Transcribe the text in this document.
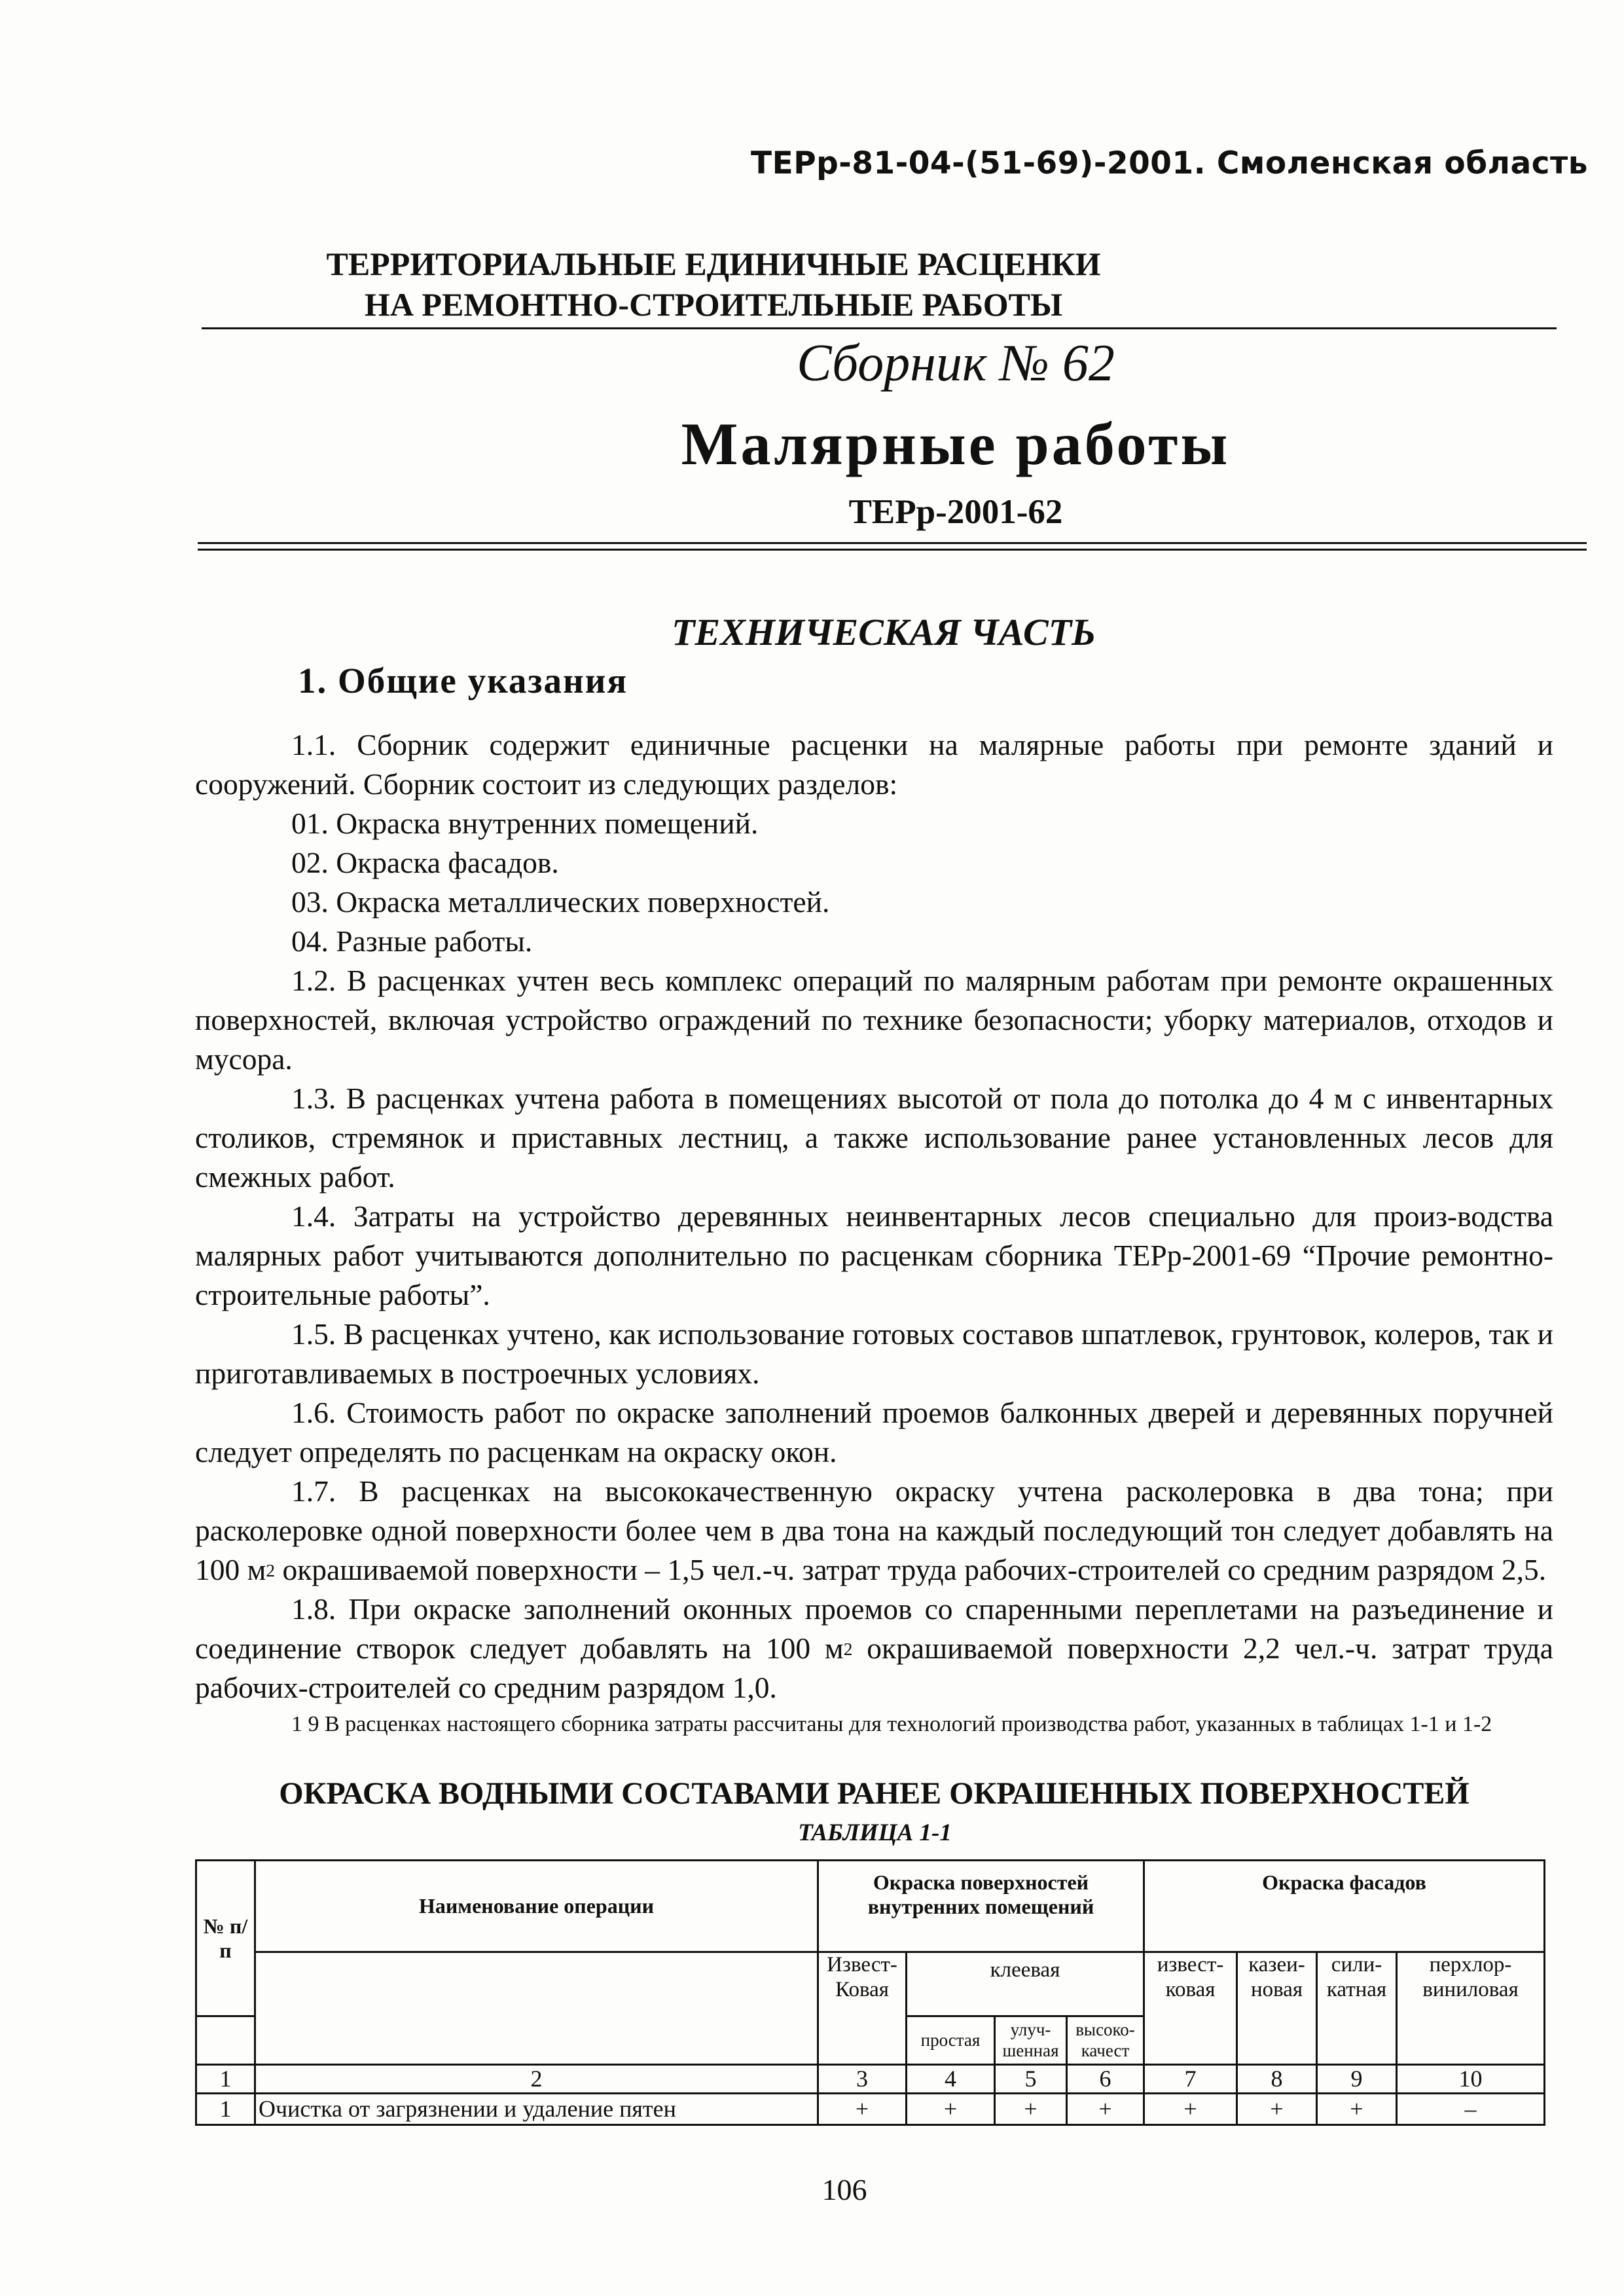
ТЕРр-81-04-(51-69)-2001. Смоленская область
ТЕРРИТОРИАЛЬНЫЕ ЕДИНИЧНЫЕ РАСЦЕНКИ
НА РЕМОНТНО-СТРОИТЕЛЬНЫЕ РАБОТЫ
Сборник № 62
Малярные работы
ТЕРр-2001-62
ТЕХНИЧЕСКАЯ ЧАСТЬ
1. Общие указания

1.1. Сборник содержит единичные расценки на малярные работы при ремонте зданий и сооружений. Сборник состоит из следующих разделов:

01. Окраска внутренних помещений.

02. Окраска фасадов.

03. Окраска металлических поверхностей.

04. Разные работы.

1.2. В расценках учтен весь комплекс операций по малярным работам при ремонте окрашенных поверхностей, включая устройство ограждений по технике безопасности; уборку материалов, отходов и мусора.

1.3. В расценках учтена работа в помещениях высотой от пола до потолка до 4 м с инвентарных столиков, стремянок и приставных лестниц, а также использование ранее установленных лесов для смежных работ.

1.4. Затраты на устройство деревянных неинвентарных лесов специально для произ-водства малярных работ учитываются дополнительно по расценкам сборника ТЕРр-2001-69 “Прочие ремонтно-строительные работы”.

1.5. В расценках учтено, как использование готовых составов шпатлевок, грунтовок, колеров, так и приготавливаемых в построечных условиях.

1.6. Стоимость работ по окраске заполнений проемов балконных дверей и деревянных поручней следует определять по расценкам на окраску окон.

1.7. В расценках на высококачественную окраску учтена расколеровка в два тона; при расколеровке одной поверхности более чем в два тона на каждый последующий тон следует добавлять на 100 $м^2$ окрашиваемой поверхности – 1,5 чел.-ч. затрат труда рабочих-строителей со средним разрядом 2,5.

1.8. При окраске заполнений оконных проемов со спаренными переплетами на разъединение и соединение створок следует добавлять на 100 $м^2$ окрашиваемой поверхности 2,2 чел.-ч. затрат труда рабочих-строителей со средним разрядом 1,0.

1 9 В расценках настоящего сборника затраты рассчитаны для технологий производства работ, указанных в таблицах 1-1 и 1-2

ОКРАСКА ВОДНЫМИ СОСТАВАМИ РАНЕЕ ОКРАШЕННЫХ ПОВЕРХНОСТЕЙ
ТАБЛИЦА 1-1
№ п/п	Наименование операции	Окраска поверхностей внутренних помещений				Окраска фасадов			
		Извест-Ковая	клеевая			извест-ковая	казеи-новая	сили-катная	перхлор-виниловая
			простая	улуч-шенная	высоко-качест				
1	2	3	4	5	6	7	8	9	10
1	Очистка от загрязнении и удаление пятен	+	+	+	+	+	+	+	–
106
